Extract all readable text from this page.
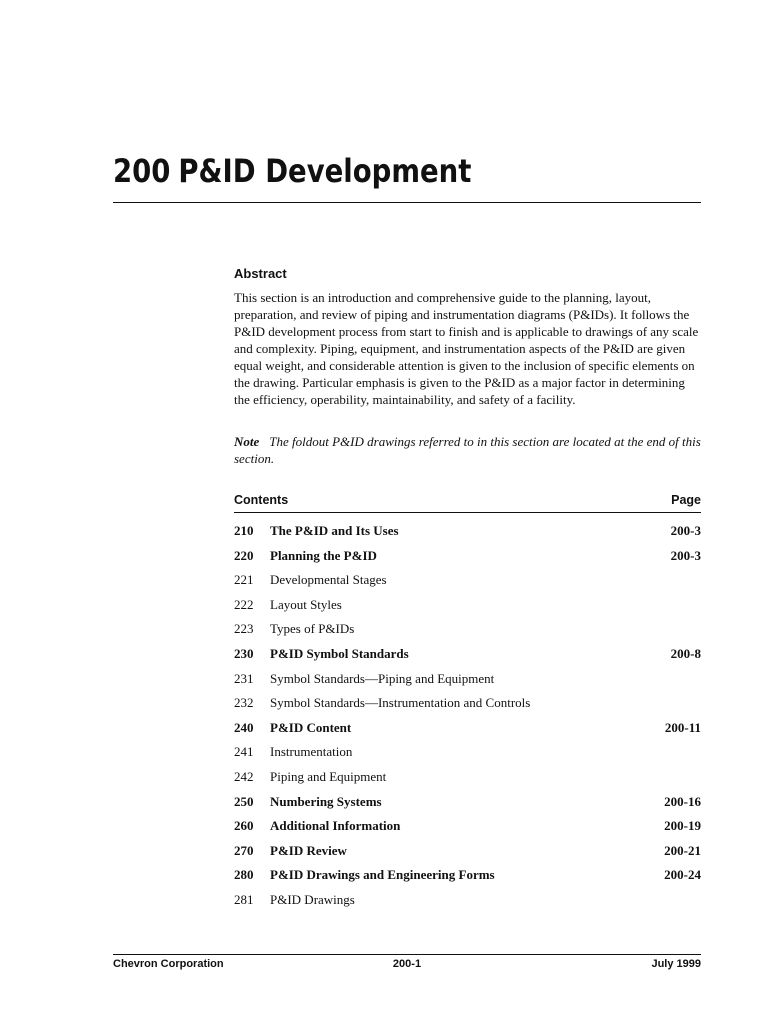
200 P&ID Development
Abstract

This section is an introduction and comprehensive guide to the planning, layout, preparation, and review of piping and instrumentation diagrams (P&IDs). It follows the P&ID development process from start to finish and is applicable to drawings of any scale and complexity. Piping, equipment, and instrumentation aspects of the P&ID are given equal weight, and considerable attention is given to the inclusion of specific elements on the drawing. Particular emphasis is given to the P&ID as a major factor in determining the efficiency, operability, maintainability, and safety of a facility.

Note The foldout P&ID drawings referred to in this section are located at the end of this section.

Contents	Page
210 The P&ID and Its Uses	200-3
220 Planning the P&ID	200-3
221 Developmental Stages
222 Layout Styles
223 Types of P&IDs
230 P&ID Symbol Standards	200-8
231 Symbol Standards—Piping and Equipment
232 Symbol Standards—Instrumentation and Controls
240 P&ID Content	200-11
241 Instrumentation
242 Piping and Equipment
250 Numbering Systems	200-16
260 Additional Information	200-19
270 P&ID Review	200-21
280 P&ID Drawings and Engineering Forms	200-24
281 P&ID Drawings
Chevron Corporation	200-1	July 1999
